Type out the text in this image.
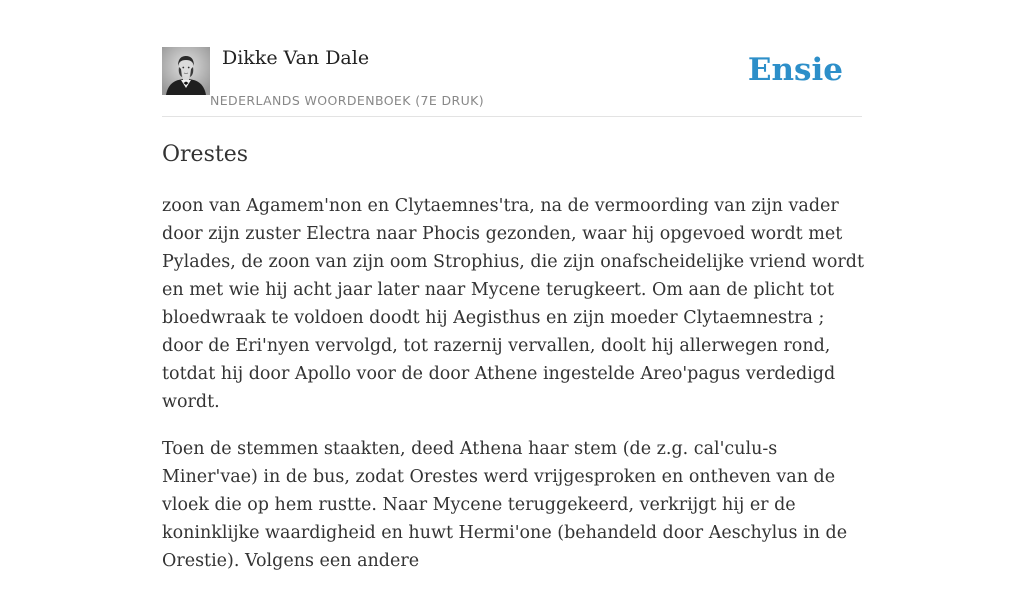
Dikke Van Dale
NEDERLANDS WOORDENBOEK (7E DRUK)
Ensie
Orestes

zoon van Agamem'non en Clytaemnes'tra, na de vermoording van zijn vader door zijn zuster Electra naar Phocis gezonden, waar hij opgevoed wordt met Pylades, de zoon van zijn oom Strophius, die zijn onafscheidelijke vriend wordt en met wie hij acht jaar later naar Mycene terugkeert. Om aan de plicht tot bloedwraak te voldoen doodt hij Aegisthus en zijn moeder Clytaemnestra ; door de Eri'nyen vervolgd, tot razernij vervallen, doolt hij allerwegen rond, totdat hij door Apollo voor de door Athene ingestelde Areo'pagus verdedigd wordt.

Toen de stemmen staakten, deed Athena haar stem (de z.g. cal'culu-s Miner'vae) in de bus, zodat Orestes werd vrijgesproken en ontheven van de vloek die op hem rustte. Naar Mycene teruggekeerd, verkrijgt hij er de koninklijke waardigheid en huwt Hermi'one (behandeld door Aeschylus in de Orestie). Volgens een andere
